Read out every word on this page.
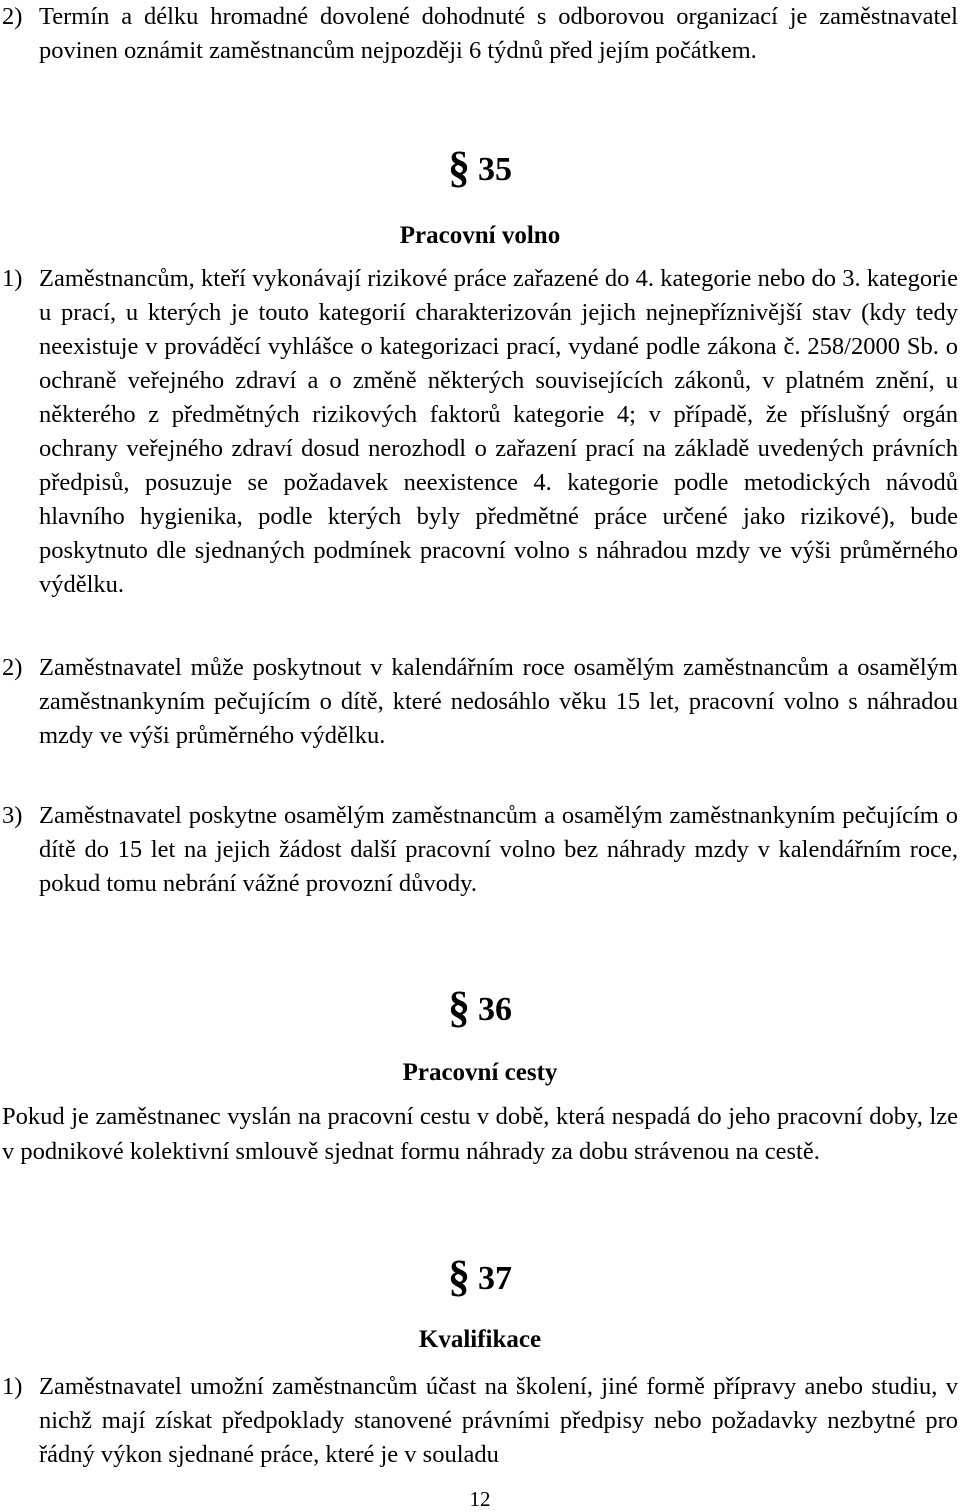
2) Termín a délku hromadné dovolené dohodnuté s odborovou organizací je zaměstnavatel povinen oznámit zaměstnancům nejpozději 6 týdnů před jejím počátkem.
§ 35
Pracovní volno
1) Zaměstnancům, kteří vykonávají rizikové práce zařazené do 4. kategorie nebo do 3. kategorie u prací, u kterých je touto kategorií charakterizován jejich nejnepříznivější stav (kdy tedy neexistuje v prováděcí vyhlášce o kategorizaci prací, vydané podle zákona č. 258/2000 Sb. o ochraně veřejného zdraví a o změně některých souvisejících zákonů, v platném znění, u některého z předmětných rizikových faktorů kategorie 4; v případě, že příslušný orgán ochrany veřejného zdraví dosud nerozhodl o zařazení prací na základě uvedených právních předpisů, posuzuje se požadavek neexistence 4. kategorie podle metodických návodů hlavního hygienika, podle kterých byly předmětné práce určené jako rizikové), bude poskytnuto dle sjednaných podmínek pracovní volno s náhradou mzdy ve výši průměrného výdělku.
2) Zaměstnavatel může poskytnout v kalendářním roce osamělým zaměstnancům a osamělým zaměstnankyním pečujícím o dítě, které nedosáhlo věku 15 let, pracovní volno s náhradou mzdy ve výši průměrného výdělku.
3) Zaměstnavatel poskytne osamělým zaměstnancům a osamělým zaměstnankyním pečujícím o dítě do 15 let na jejich žádost další pracovní volno bez náhrady mzdy v kalendářním roce, pokud tomu nebrání vážné provozní důvody.
§ 36
Pracovní cesty
Pokud je zaměstnanec vyslán na pracovní cestu v době, která nespadá do jeho pracovní doby, lze v podnikové kolektivní smlouvě sjednat formu náhrady za dobu strávenou na cestě.
§ 37
Kvalifikace
1) Zaměstnavatel umožní zaměstnancům účast na školení, jiné formě přípravy anebo studiu, v nichž mají získat předpoklady stanovené právními předpisy nebo požadavky nezbytné pro řádný výkon sjednané práce, které je v souladu
12
